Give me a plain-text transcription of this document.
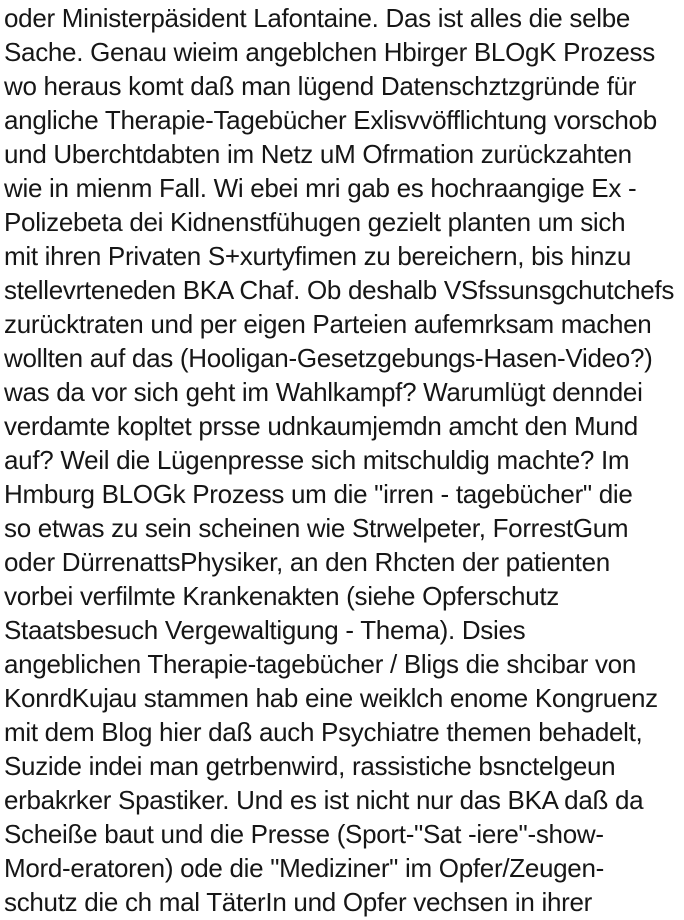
oder Ministerpäsident Lafontaine. Das ist alles die selbe
Sache. Genau wieim angeblchen Hbirger BLOgK Prozess
wo heraus komt daß man lügend Datenschztzgründe für
angliche Therapie-Tagebücher Exlisvvöfflichtung vorschob
und Uberchtdabten im Netz uM Ofrmation zurückzahten
wie in mienm Fall. Wi ebei mri gab es hochraangige Ex -
Polizebeta dei Kidnenstfühugen gezielt planten um sich
mit ihren Privaten S+xurtyfimen zu bereichern, bis hinzu
stellevrteneden BKA Chaf. Ob deshalb VSfssunsgchutchefs
zurücktraten und per eigen Parteien aufemrksam machen
wollten auf das (Hooligan-Gesetzgebungs-Hasen-Video?)
was da vor sich geht im Wahlkampf? Warumlügt denndei
verdamte kopltet prsse udnkaumjemdn amcht den Mund
auf? Weil die Lügenpresse sich mitschuldig machte? Im
Hmburg BLOGk Prozess um die "irren - tagebücher" die
so etwas zu sein scheinen wie Strwelpeter, ForrestGum
oder DürrenattsPhysiker, an den Rhcten der patienten
vorbei verfilmte Krankenakten (siehe Opferschutz
Staatsbesuch Vergewaltigung - Thema). Dsies
angeblichen Therapie-tagebücher / Bligs die shcibar von
KonrdKujau stammen hab eine weiklch enome Kongruenz
mit dem Blog hier daß auch Psychiatre themen behadelt,
Suzide indei man getrbenwird, rassistiche bsnctelgeun
erbakrker Spastiker. Und es ist nicht nur das BKA daß da
Scheiße baut und die Presse (Sport-"Sat -iere"-show-
Mord-eratoren) ode die "Mediziner" im Opfer/Zeugen-
schutz die ch mal TäterIn und Opfer vechsen in ihrer
